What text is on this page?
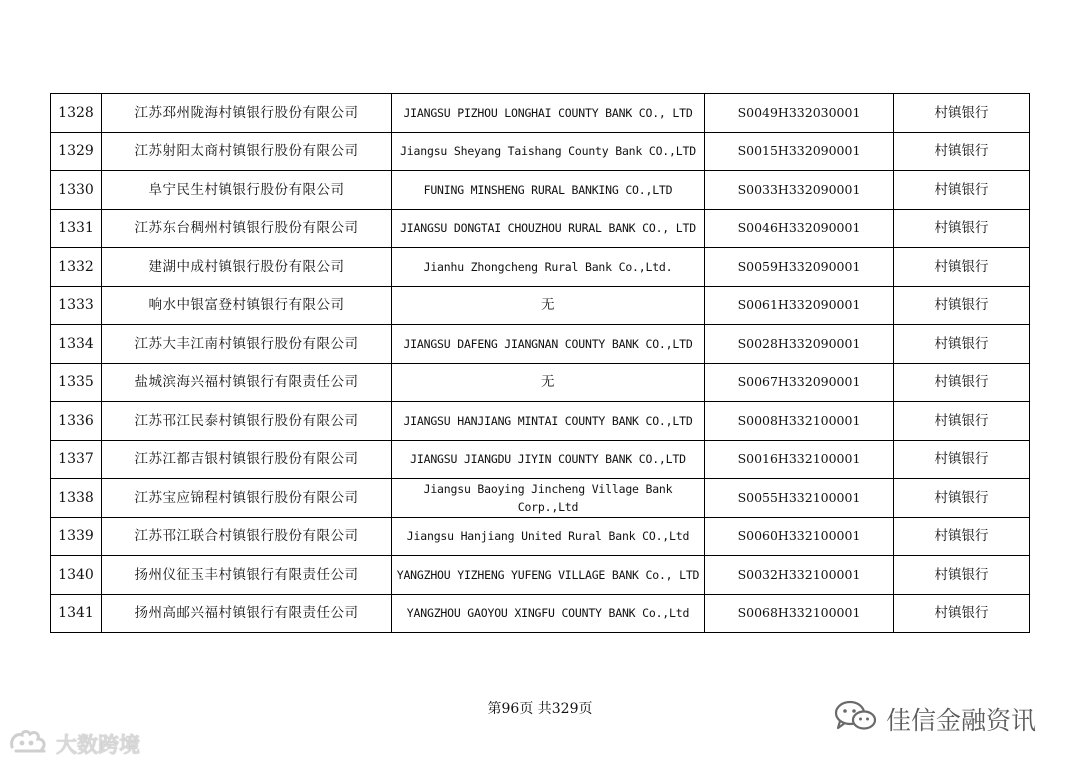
1328	江苏邳州陇海村镇银行股份有限公司	JIANGSU PIZHOU LONGHAI COUNTY BANK CO., LTD	S0049H332030001	村镇银行
1329	江苏射阳太商村镇银行股份有限公司	Jiangsu Sheyang Taishang County Bank CO.,LTD	S0015H332090001	村镇银行
1330	阜宁民生村镇银行股份有限公司	FUNING MINSHENG RURAL BANKING CO.,LTD	S0033H332090001	村镇银行
1331	江苏东台稠州村镇银行股份有限公司	JIANGSU DONGTAI CHOUZHOU RURAL BANK CO., LTD	S0046H332090001	村镇银行
1332	建湖中成村镇银行股份有限公司	Jianhu Zhongcheng Rural Bank Co.,Ltd.	S0059H332090001	村镇银行
1333	响水中银富登村镇银行有限公司	无	S0061H332090001	村镇银行
1334	江苏大丰江南村镇银行股份有限公司	JIANGSU DAFENG JIANGNAN COUNTY BANK CO.,LTD	S0028H332090001	村镇银行
1335	盐城滨海兴福村镇银行有限责任公司	无	S0067H332090001	村镇银行
1336	江苏邗江民泰村镇银行股份有限公司	JIANGSU HANJIANG MINTAI COUNTY BANK CO.,LTD	S0008H332100001	村镇银行
1337	江苏江都吉银村镇银行股份有限公司	JIANGSU JIANGDU JIYIN COUNTY BANK CO.,LTD	S0016H332100001	村镇银行
1338	江苏宝应锦程村镇银行股份有限公司	Jiangsu Baoying Jincheng Village Bank Corp.,Ltd	S0055H332100001	村镇银行
1339	江苏邗江联合村镇银行股份有限公司	Jiangsu Hanjiang United Rural Bank CO.,Ltd	S0060H332100001	村镇银行
1340	扬州仪征玉丰村镇银行有限责任公司	YANGZHOU YIZHENG YUFENG VILLAGE BANK Co., LTD	S0032H332100001	村镇银行
1341	扬州高邮兴福村镇银行有限责任公司	YANGZHOU GAOYOU XINGFU COUNTY BANK Co.,Ltd	S0068H332100001	村镇银行
第96页 共329页
大数跨境
佳信金融资讯
